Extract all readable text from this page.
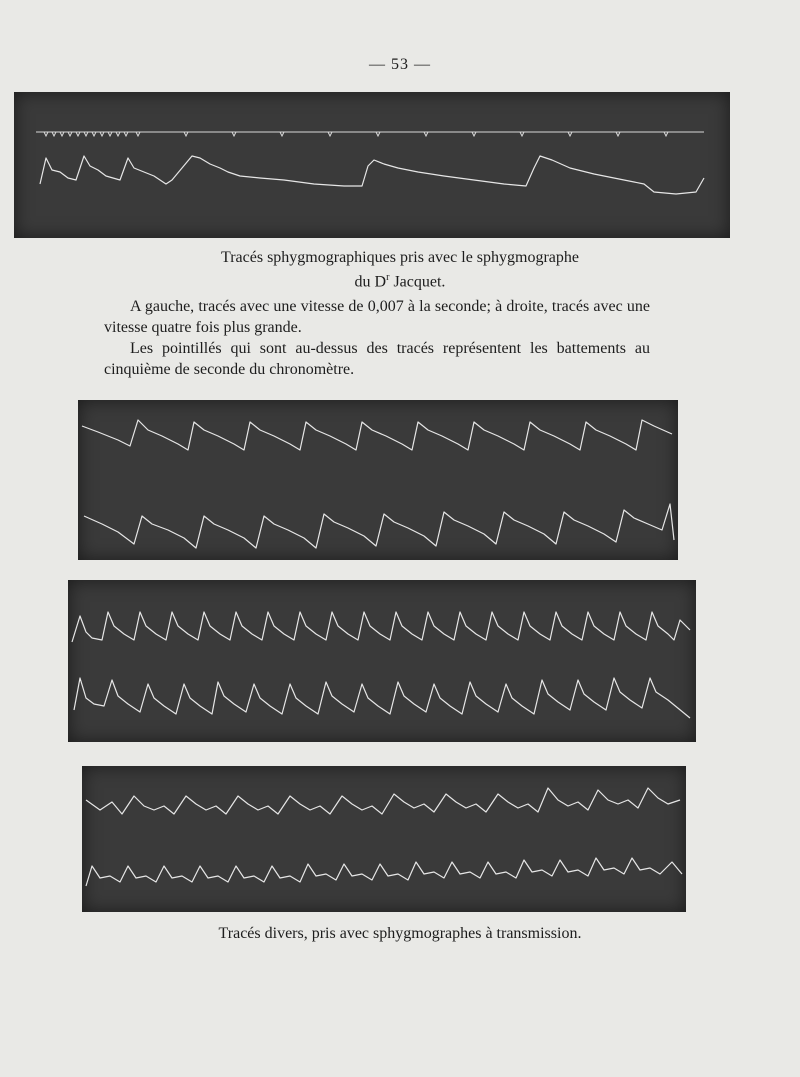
— 53 —
Tracés sphygmographiques pris avec le sphygmographe
du $D^r$ Jacquet.
A gauche, tracés avec une vitesse de 0,007 à la seconde; à droite, tracés avec une vitesse quatre fois plus grande.
Les pointillés qui sont au-dessus des tracés représentent les battements au cinquième de seconde du chronomètre.
Tracés divers, pris avec sphygmographes à transmission.
